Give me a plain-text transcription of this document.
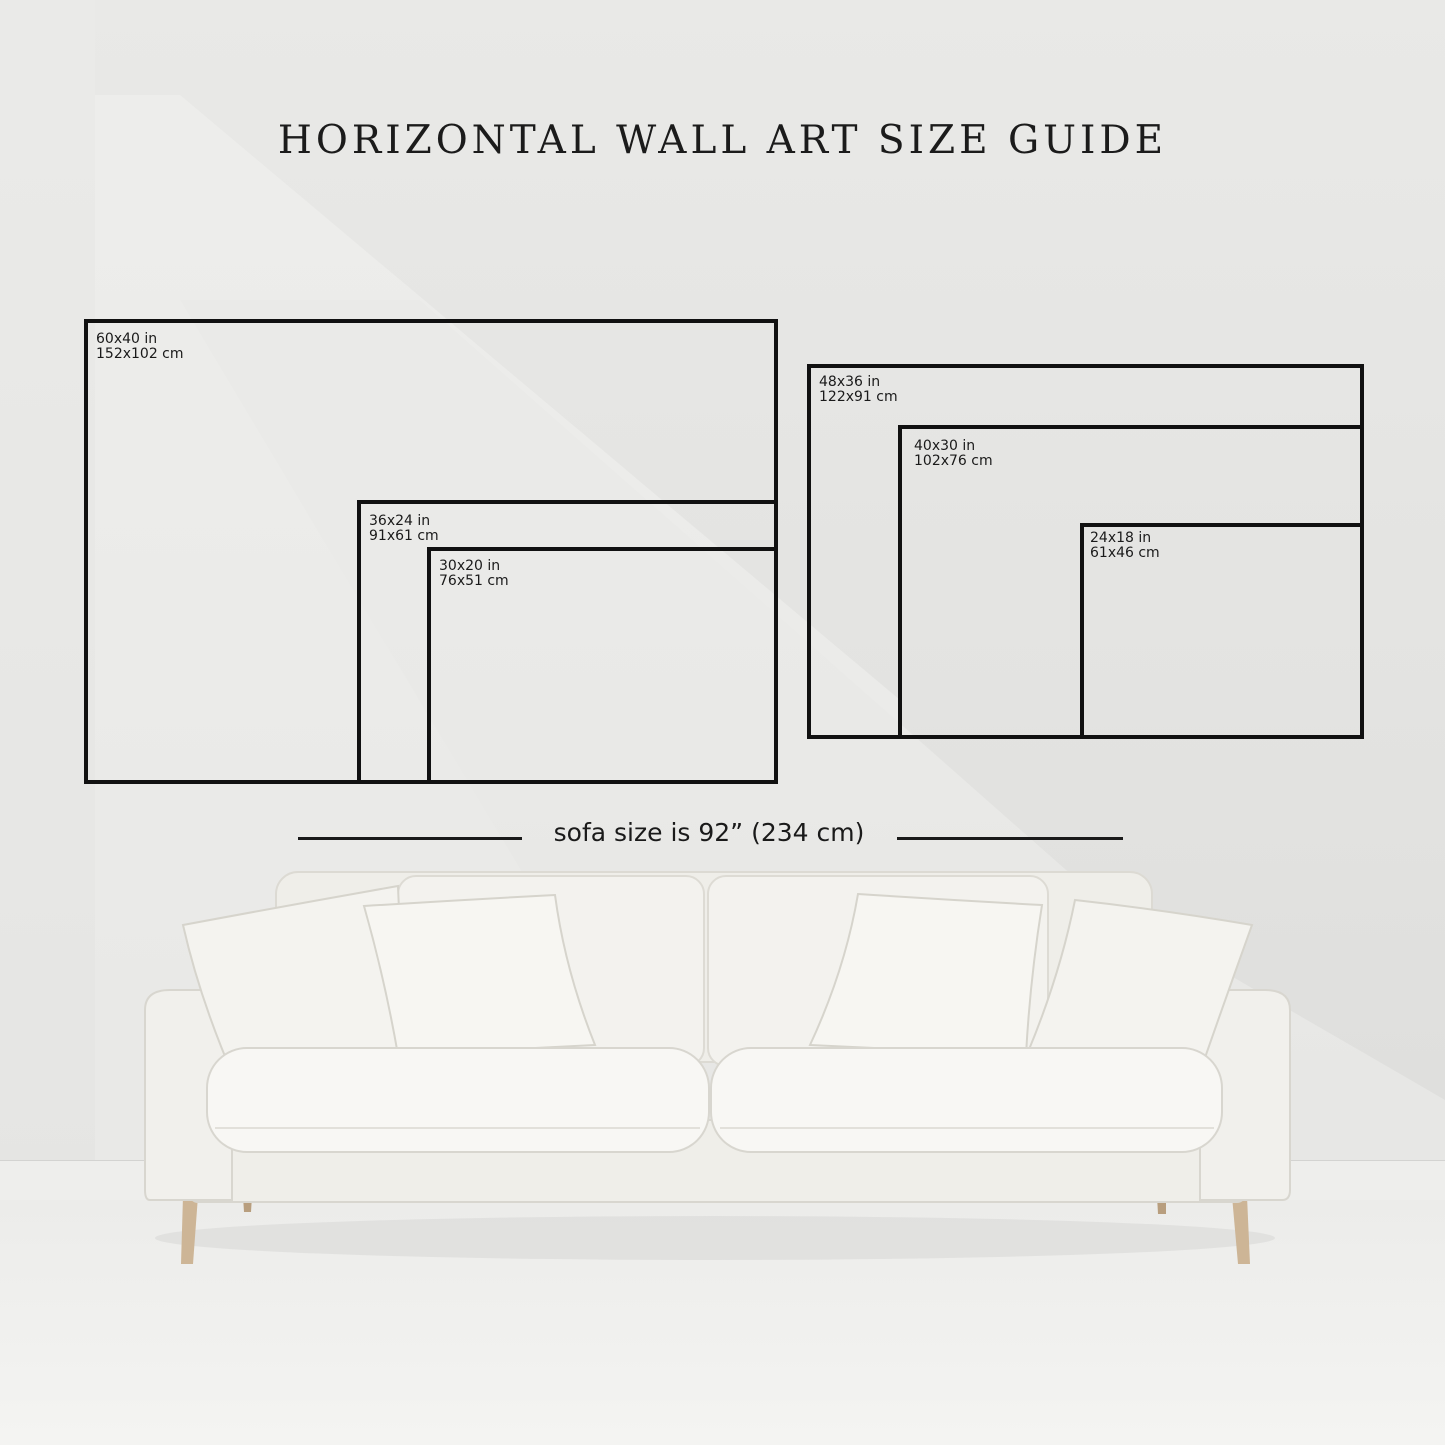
HORIZONTAL WALL ART SIZE GUIDE
60x40 in
152x102 cm
36x24 in
91x61 cm
30x20 in
76x51 cm
48x36 in
122x91 cm
40x30 in
102x76 cm
24x18 in
61x46 cm
sofa size is 92” (234 cm)
